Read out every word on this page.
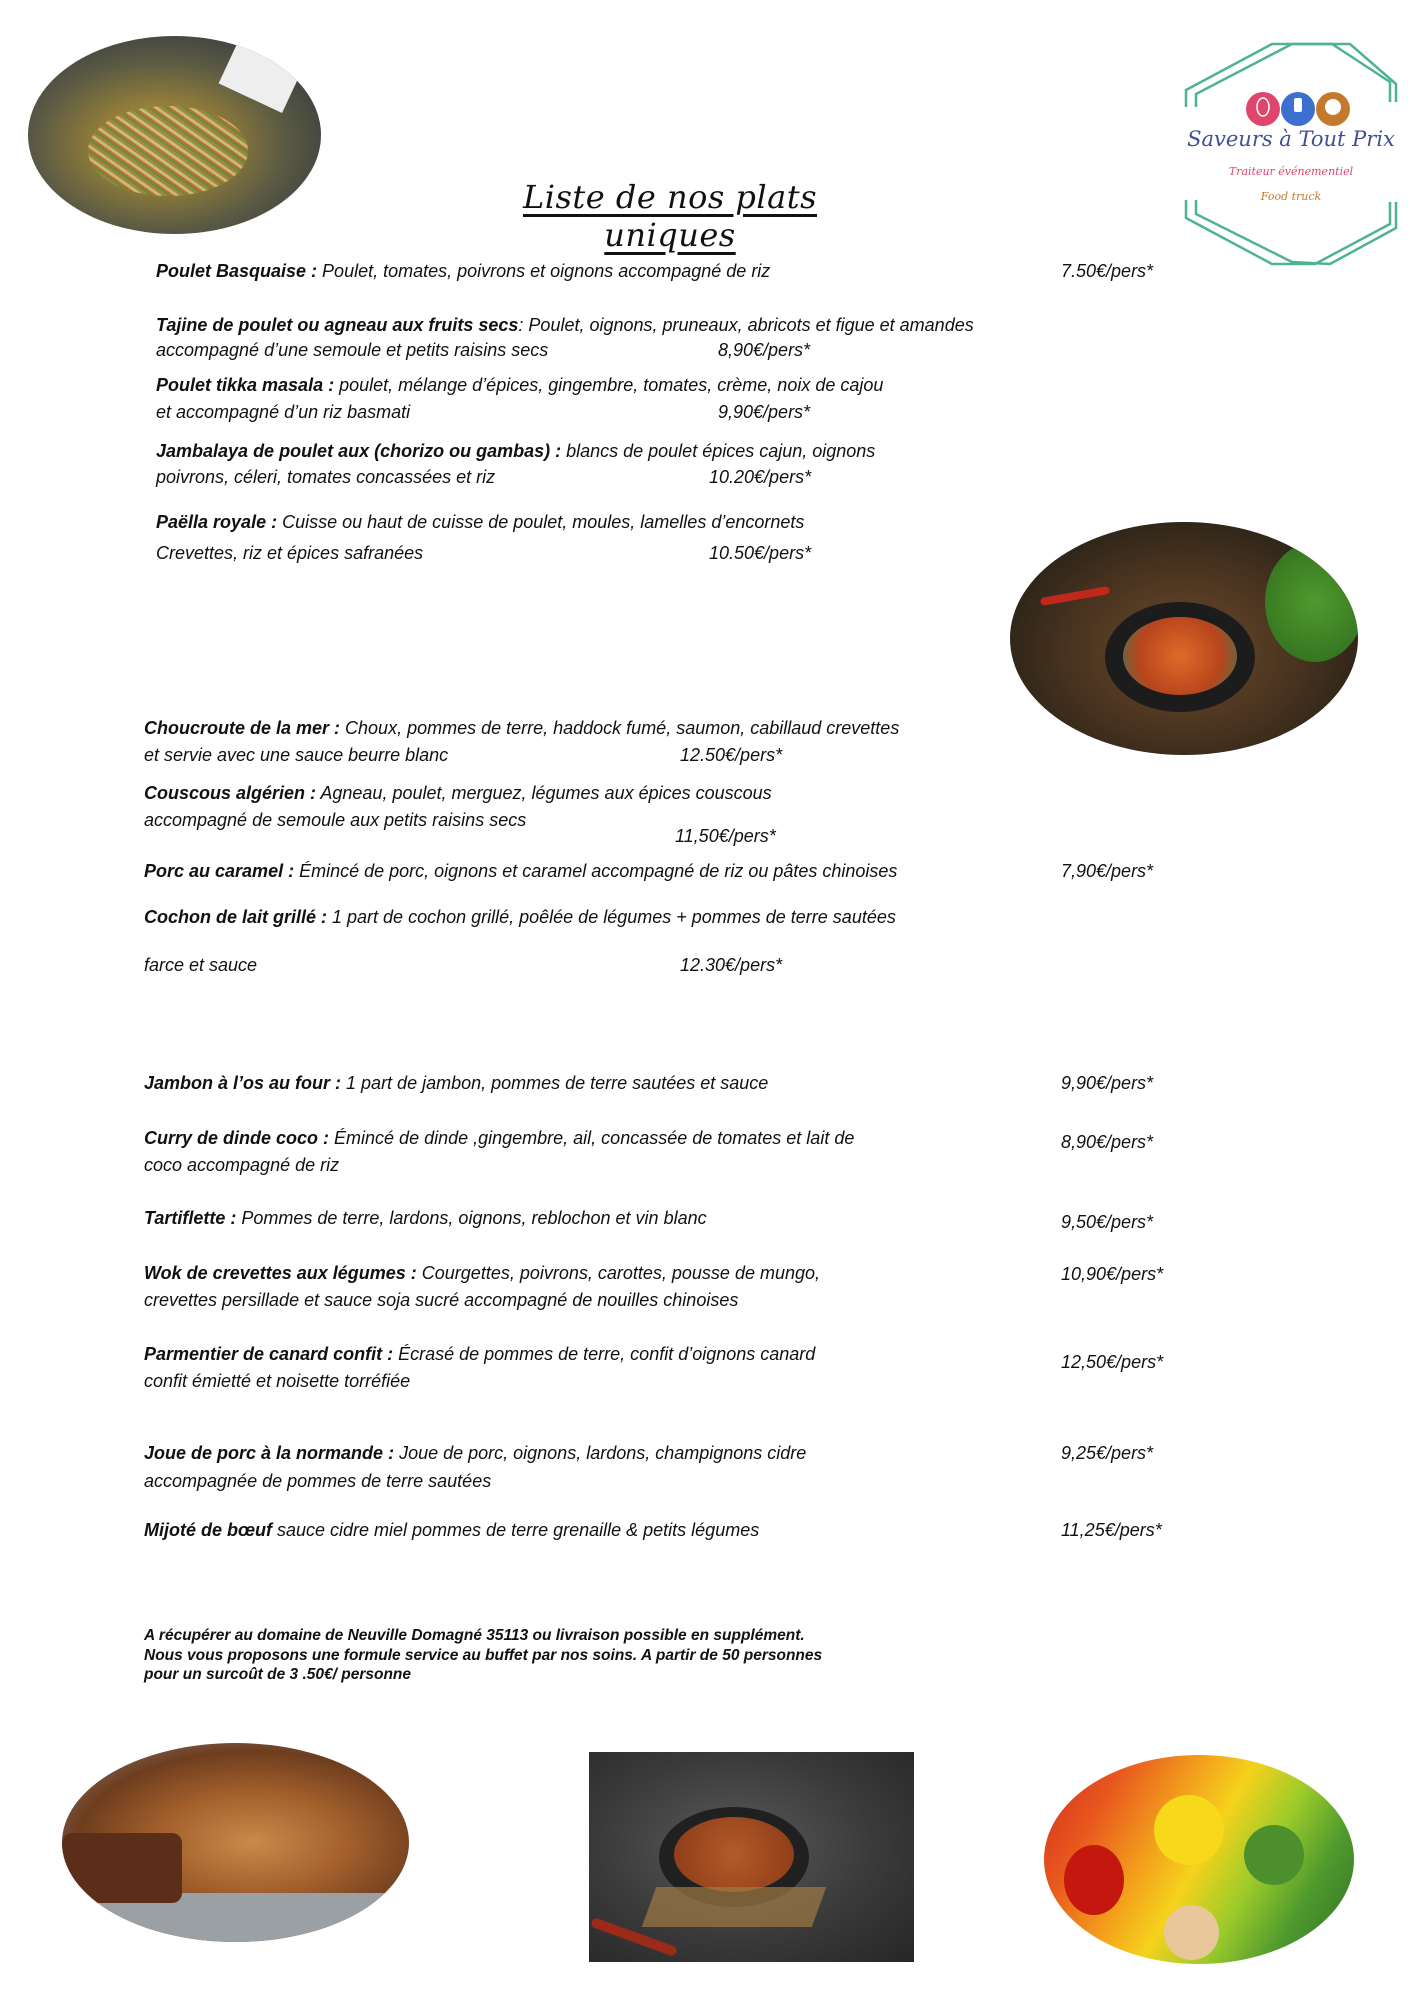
Saveurs à Tout Prix
Traiteur événementiel
Food truck
Liste de nos plats uniques
Poulet Basquaise : Poulet, tomates, poivrons et oignons accompagné de riz	7.50€/pers*
Tajine de poulet ou agneau aux fruits secs: Poulet, oignons, pruneaux, abricots et figue et amandes
accompagné d’une semoule et petits raisins secs	8,90€/pers*
Poulet tikka masala : poulet, mélange d’épices, gingembre, tomates, crème, noix de cajou
et accompagné d’un riz basmati	9,90€/pers*
Jambalaya de poulet aux (chorizo ou gambas) : blancs de poulet épices cajun, oignons
poivrons, céleri, tomates concassées et riz	10.20€/pers*
Paëlla royale : Cuisse ou haut de cuisse de poulet, moules, lamelles d’encornets
Crevettes, riz et épices safranées	10.50€/pers*
Choucroute de la mer : Choux, pommes de terre, haddock fumé, saumon, cabillaud crevettes
et servie avec une sauce beurre blanc	12.50€/pers*
Couscous algérien : Agneau, poulet, merguez, légumes aux épices couscous
accompagné de semoule aux petits raisins secs
11,50€/pers*
Porc au caramel : Émincé de porc, oignons et caramel accompagné de riz ou pâtes chinoises	7,90€/pers*
Cochon de lait grillé : 1 part de cochon grillé, poêlée de légumes + pommes de terre sautées
farce et sauce	12.30€/pers*
Jambon à l’os au four : 1 part de jambon, pommes de terre sautées et sauce	9,90€/pers*
Curry de dinde coco : Émincé de dinde ,gingembre, ail, concassée de tomates et lait de
coco accompagné de riz
8,90€/pers*
Tartiflette : Pommes de terre, lardons, oignons, reblochon et vin blanc	9,50€/pers*
Wok de crevettes aux légumes : Courgettes, poivrons, carottes, pousse de mungo,
crevettes persillade et sauce soja sucré accompagné de nouilles chinoises
10,90€/pers*
Parmentier de canard confit : Écrasé de pommes de terre, confit d’oignons canard
confit émietté et noisette torréfiée
12,50€/pers*
Joue de porc à la normande : Joue de porc, oignons, lardons, champignons cidre
accompagnée de pommes de terre sautées
9,25€/pers*
Mijoté de bœuf sauce cidre miel pommes de terre grenaille & petits légumes	11,25€/pers*
A récupérer au domaine de Neuville Domagné 35113 ou livraison possible en supplément.
Nous vous proposons une formule service au buffet par nos soins. A partir de 50 personnes
pour un surcoût de 3 .50€/ personne
